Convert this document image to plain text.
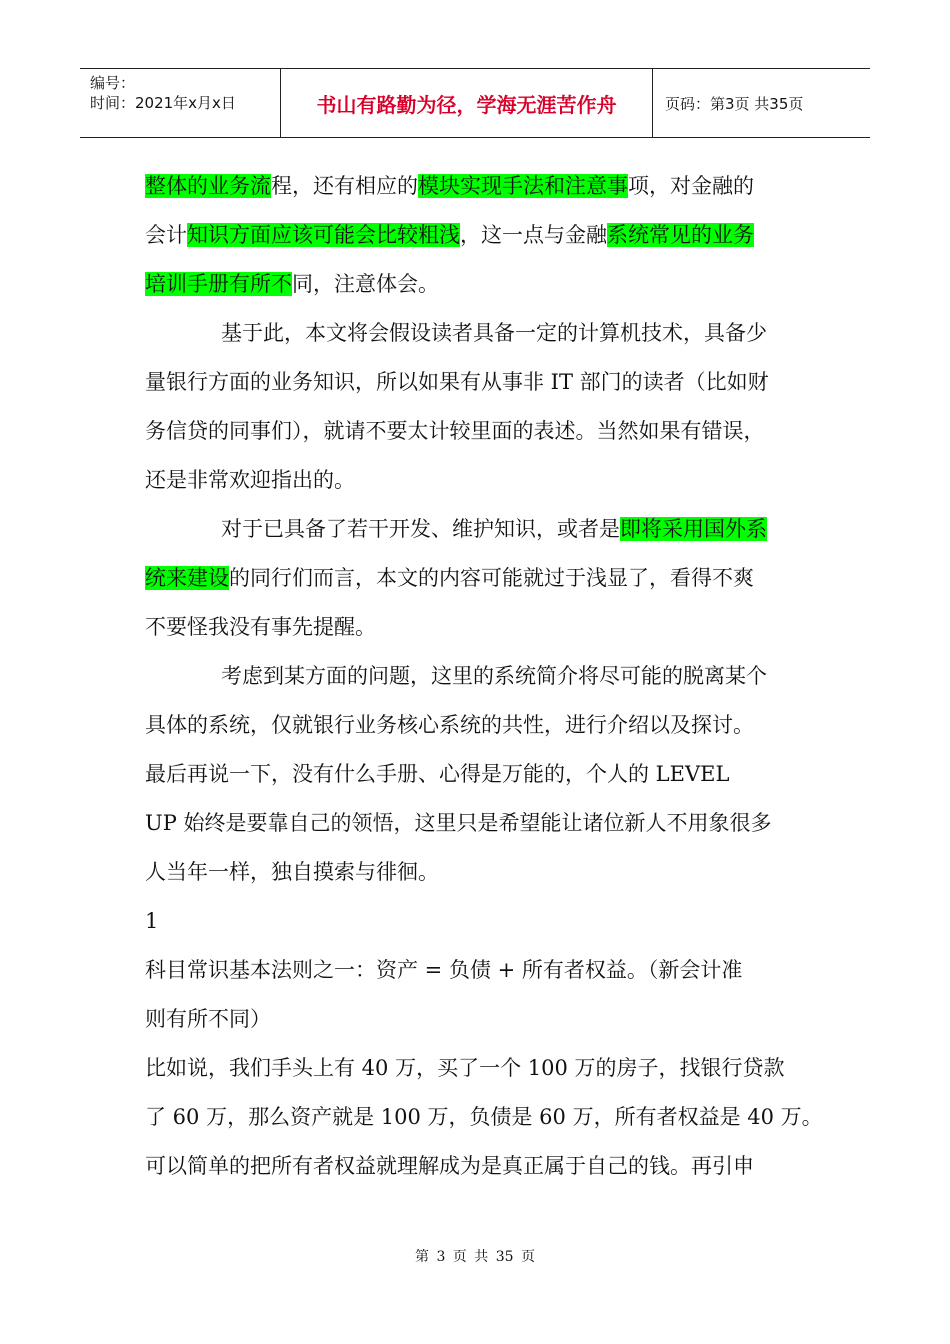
编号：
时间：2021年x月x日	书山有路勤为径，学海无涯苦作舟	页码：第3页 共35页
整体的业务流程，还有相应的模块实现手法和注意事项，对金融的
会计知识方面应该可能会比较粗浅，这一点与金融系统常见的业务
培训手册有所不同，注意体会。
基于此，本文将会假设读者具备一定的计算机技术，具备少
量银行方面的业务知识，所以如果有从事非 IT 部门的读者（比如财
务信贷的同事们），就请不要太计较里面的表述。当然如果有错误，
还是非常欢迎指出的。
对于已具备了若干开发、维护知识，或者是即将采用国外系
统来建设的同行们而言，本文的内容可能就过于浅显了，看得不爽
不要怪我没有事先提醒。
考虑到某方面的问题，这里的系统简介将尽可能的脱离某个
具体的系统，仅就银行业务核心系统的共性，进行介绍以及探讨。
最后再说一下，没有什么手册、心得是万能的，个人的 LEVEL
UP 始终是要靠自己的领悟，这里只是希望能让诸位新人不用象很多
人当年一样，独自摸索与徘徊。
1
科目常识基本法则之一：资产 = 负债 + 所有者权益。（新会计准
则有所不同）
比如说，我们手头上有 40 万，买了一个 100 万的房子，找银行贷款
了 60 万，那么资产就是 100 万，负债是 60 万，所有者权益是 40 万。
可以简单的把所有者权益就理解成为是真正属于自己的钱。再引申
第 3 页 共 35 页
